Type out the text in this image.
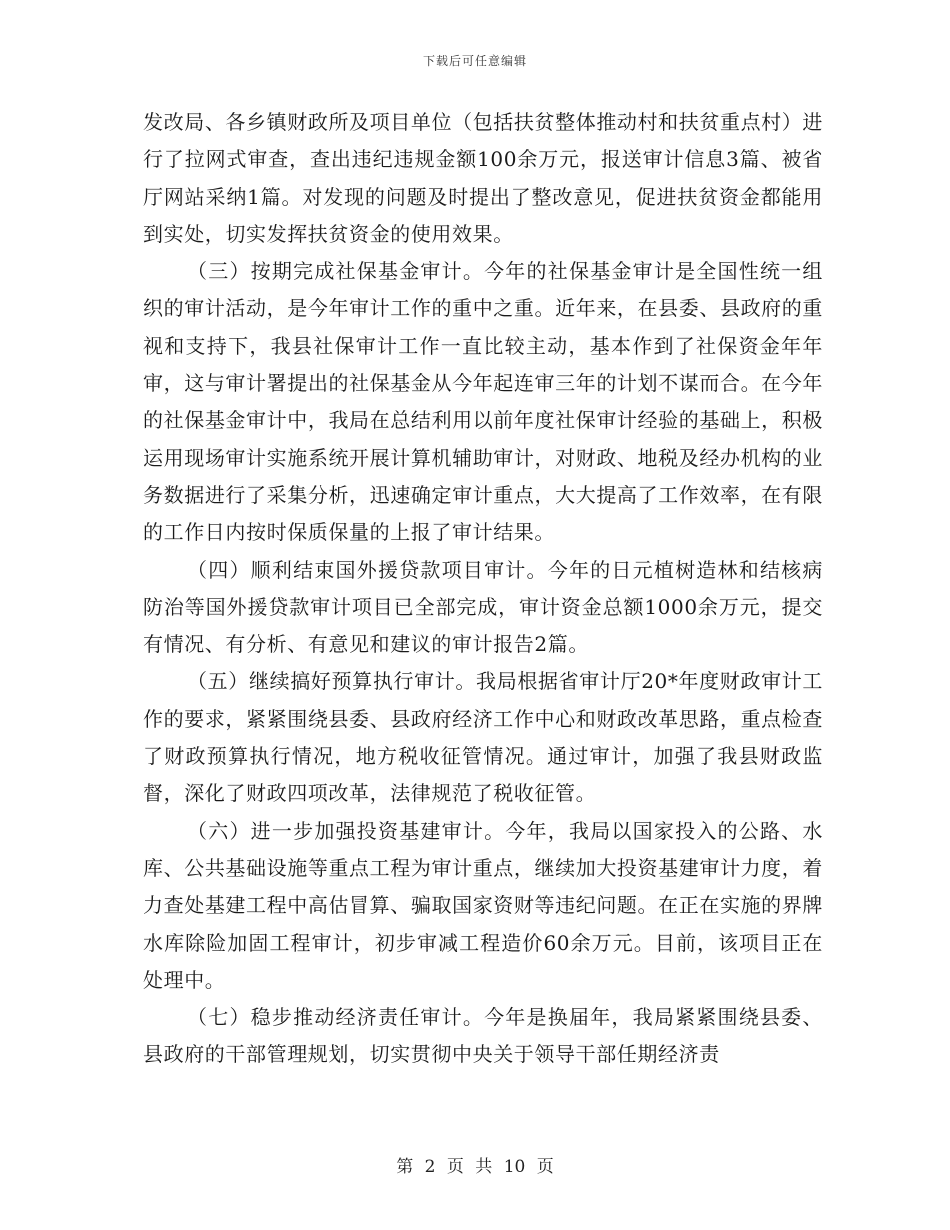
下载后可任意编辑

发改局、各乡镇财政所及项目单位（包括扶贫整体推动村和扶贫重点村）进行了拉网式审查，查出违纪违规金额100余万元，报送审计信息3篇、被省厅网站采纳1篇。对发现的问题及时提出了整改意见，促进扶贫资金都能用到实处，切实发挥扶贫资金的使用效果。

（三）按期完成社保基金审计。今年的社保基金审计是全国性统一组织的审计活动，是今年审计工作的重中之重。近年来，在县委、县政府的重视和支持下，我县社保审计工作一直比较主动，基本作到了社保资金年年审，这与审计署提出的社保基金从今年起连审三年的计划不谋而合。在今年的社保基金审计中，我局在总结利用以前年度社保审计经验的基础上，积极运用现场审计实施系统开展计算机辅助审计，对财政、地税及经办机构的业务数据进行了采集分析，迅速确定审计重点，大大提高了工作效率，在有限的工作日内按时保质保量的上报了审计结果。

（四）顺利结束国外援贷款项目审计。今年的日元植树造林和结核病防治等国外援贷款审计项目已全部完成，审计资金总额1000余万元，提交有情况、有分析、有意见和建议的审计报告2篇。

（五）继续搞好预算执行审计。我局根据省审计厅20*年度财政审计工作的要求，紧紧围绕县委、县政府经济工作中心和财政改革思路，重点检查了财政预算执行情况，地方税收征管情况。通过审计，加强了我县财政监督，深化了财政四项改革，法律规范了税收征管。

（六）进一步加强投资基建审计。今年，我局以国家投入的公路、水库、公共基础设施等重点工程为审计重点，继续加大投资基建审计力度，着力查处基建工程中高估冒算、骗取国家资财等违纪问题。在正在实施的界牌水库除险加固工程审计，初步审减工程造价60余万元。目前，该项目正在处理中。

（七）稳步推动经济责任审计。今年是换届年，我局紧紧围绕县委、县政府的干部管理规划，切实贯彻中央关于领导干部任期经济责

第 2 页 共 10 页
